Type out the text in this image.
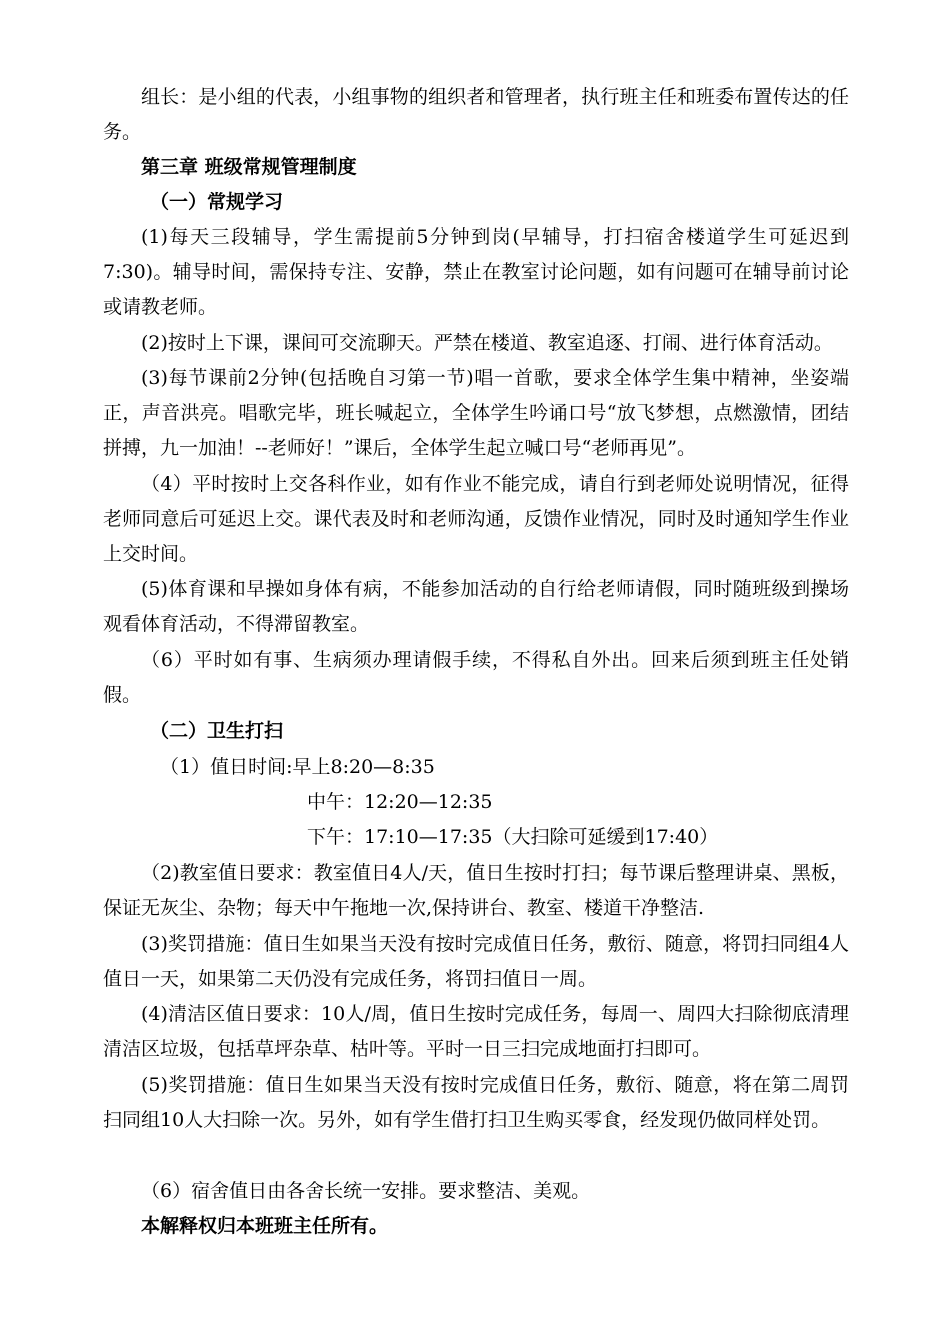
组长：是小组的代表，小组事物的组织者和管理者，执行班主任和班委布置传达的任务。

第三章 班级常规管理制度

（一）常规学习

(1)每天三段辅导，学生需提前5分钟到岗(早辅导，打扫宿舍楼道学生可延迟到7:30)。辅导时间，需保持专注、安静，禁止在教室讨论问题，如有问题可在辅导前讨论或请教老师。

(2)按时上下课，课间可交流聊天。严禁在楼道、教室追逐、打闹、进行体育活动。

(3)每节课前2分钟(包括晚自习第一节)唱一首歌，要求全体学生集中精神，坐姿端正，声音洪亮。唱歌完毕，班长喊起立，全体学生吟诵口号“放飞梦想，点燃激情，团结拼搏，九一加油！--老师好！”课后，全体学生起立喊口号“老师再见”。

（4）平时按时上交各科作业，如有作业不能完成，请自行到老师处说明情况，征得老师同意后可延迟上交。课代表及时和老师沟通，反馈作业情况，同时及时通知学生作业上交时间。

(5)体育课和早操如身体有病，不能参加活动的自行给老师请假，同时随班级到操场观看体育活动，不得滞留教室。

（6）平时如有事、生病须办理请假手续，不得私自外出。回来后须到班主任处销假。

（二）卫生打扫

（1）值日时间:早上8:20—8:35

中午：12:20—12:35

下午：17:10—17:35（大扫除可延缓到17:40）

（2)教室值日要求：教室值日4人/天，值日生按时打扫；每节课后整理讲桌、黑板，保证无灰尘、杂物；每天中午拖地一次,保持讲台、教室、楼道干净整洁.

(3)奖罚措施：值日生如果当天没有按时完成值日任务，敷衍、随意，将罚扫同组4人值日一天，如果第二天仍没有完成任务，将罚扫值日一周。

(4)清洁区值日要求：10人/周，值日生按时完成任务，每周一、周四大扫除彻底清理清洁区垃圾，包括草坪杂草、枯叶等。平时一日三扫完成地面打扫即可。

(5)奖罚措施：值日生如果当天没有按时完成值日任务，敷衍、随意，将在第二周罚扫同组10人大扫除一次。另外，如有学生借打扫卫生购买零食，经发现仍做同样处罚。

（6）宿舍值日由各舍长统一安排。要求整洁、美观。

本解释权归本班班主任所有。
